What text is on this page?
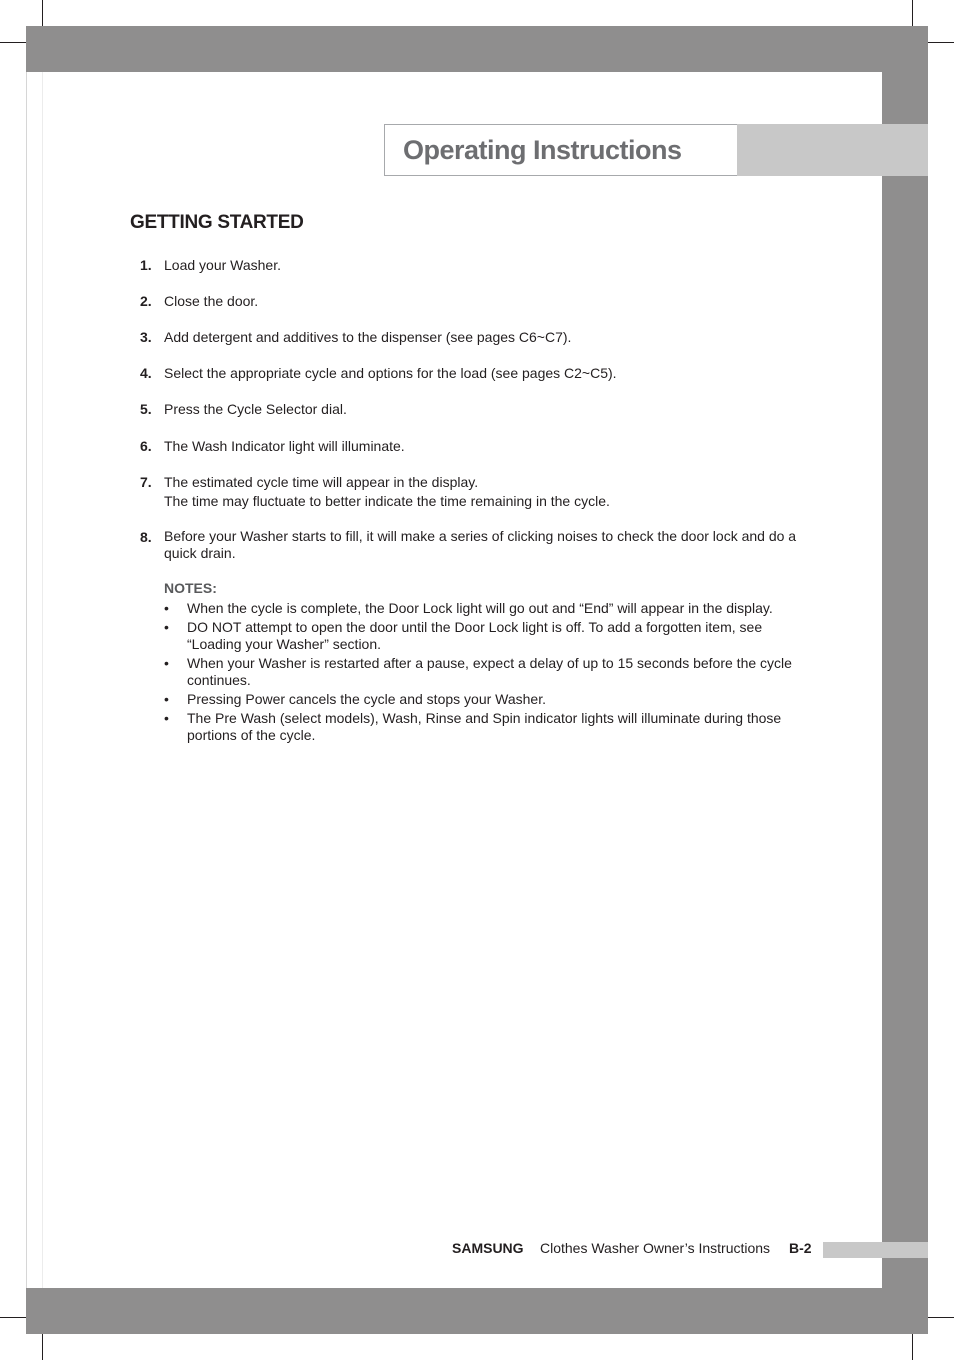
Operating Instructions
GETTING STARTED
1. Load your Washer.
2. Close the door.
3. Add detergent and additives to the dispenser (see pages C6~C7).
4. Select the appropriate cycle and options for the load (see pages C2~C5).
5. Press the Cycle Selector dial.
6. The Wash Indicator light will illuminate.
7. The estimated cycle time will appear in the display.
The time may fluctuate to better indicate the time remaining in the cycle.
8. Before your Washer starts to fill, it will make a series of clicking noises to check the door lock and do a quick drain.
NOTES:
• When the cycle is complete, the Door Lock light will go out and “End” will appear in the display.
• DO NOT attempt to open the door until the Door Lock light is off. To add a forgotten item, see “Loading your Washer” section.
• When your Washer is restarted after a pause, expect a delay of up to 15 seconds before the cycle continues.
• Pressing Power cancels the cycle and stops your Washer.
• The Pre Wash (select models), Wash, Rinse and Spin indicator lights will illuminate during those portions of the cycle.
SAMSUNG Clothes Washer Owner’s Instructions B-2
